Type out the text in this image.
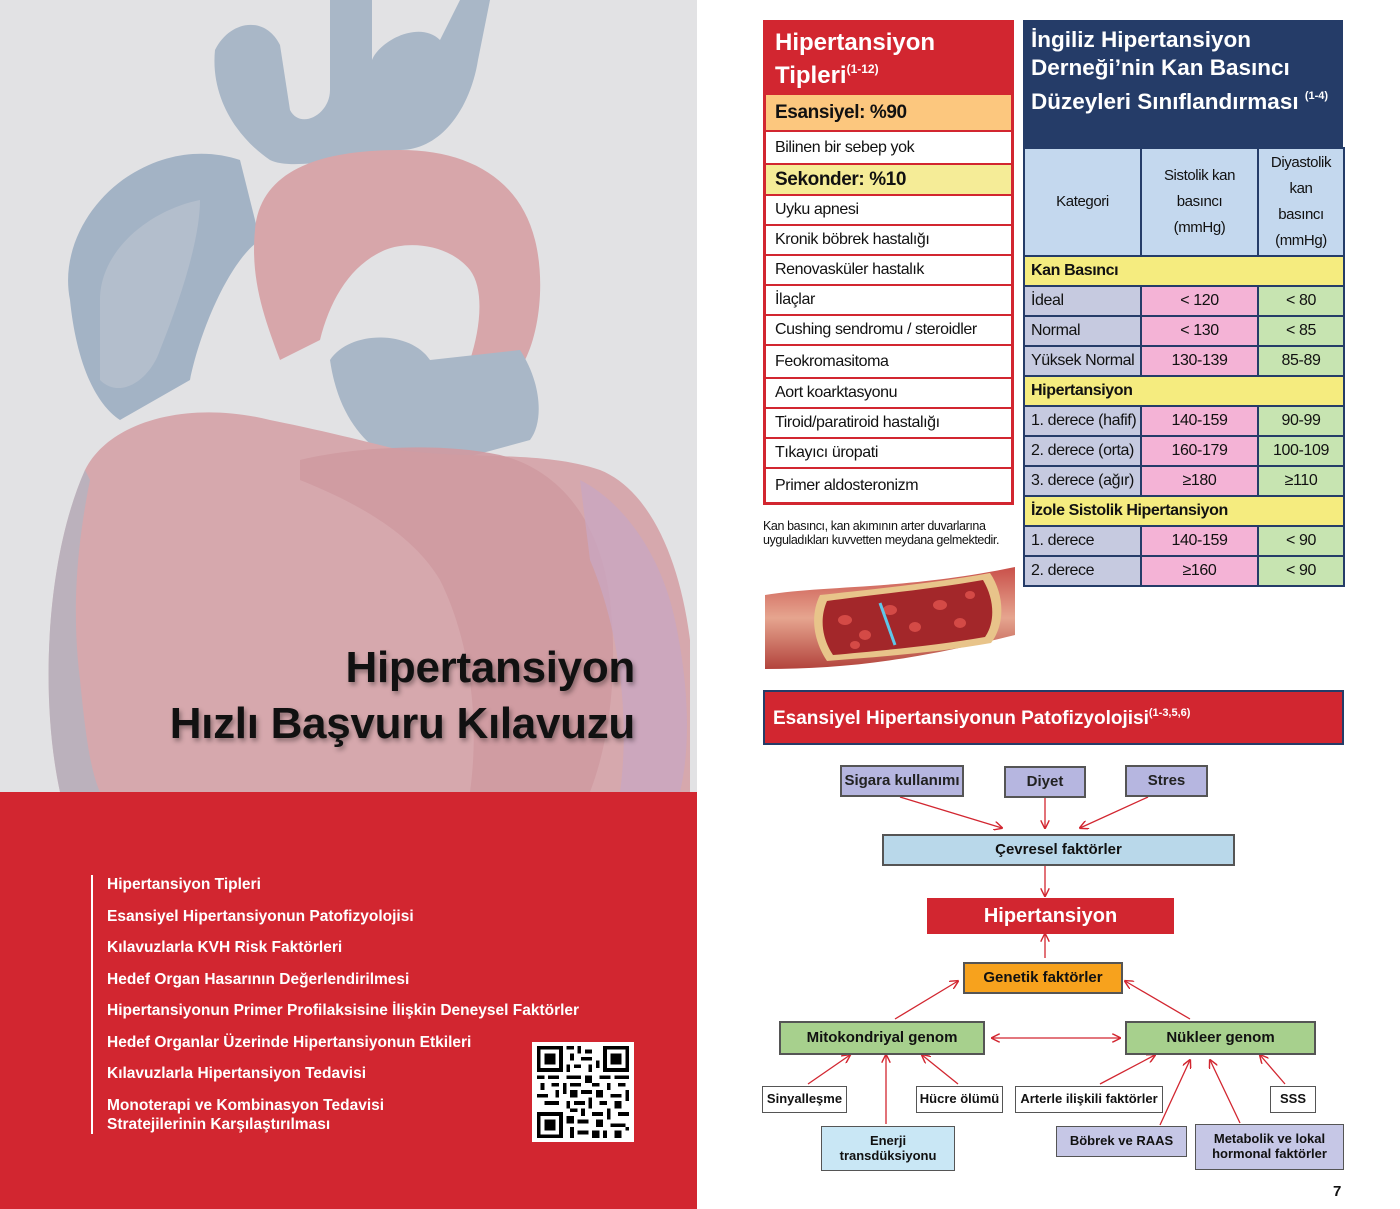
Hipertansiyon
Hızlı Başvuru Kılavuzu
Hipertansiyon Tipleri
Esansiyel Hipertansiyonun Patofizyolojisi
Kılavuzlarla KVH Risk Faktörleri
Hedef Organ Hasarının Değerlendirilmesi
Hipertansiyonun Primer Profilaksisine İlişkin Deneysel Faktörler
Hedef Organlar Üzerinde Hipertansiyonun Etkileri
Kılavuzlarla Hipertansiyon Tedavisi
Monoterapi ve Kombinasyon Tedavisi Stratejilerinin Karşılaştırılması
Hipertansiyon Tipleri$^{(1-12)}$
Esansiyel: %90
Bilinen bir sebep yok
Sekonder: %10
Uyku apnesi
Kronik böbrek hastalığı
Renovasküler hastalık
İlaçlar
Cushing sendromu / steroidler
Feokromasitoma
Aort koarktasyonu
Tiroid/paratiroid hastalığı
Tıkayıcı üropati
Primer aldosteronizm
Kan basıncı, kan akımının arter duvarlarına uyguladıkları kuvvetten meydana gelmektedir.
İngiliz Hipertansiyon Derneği’nin Kan Basıncı Düzeyleri Sınıflandırması $^{(1-4)}$
Kategori	Sistolik kan basıncı (mmHg)	Diyastolik kan basıncı (mmHg)
Kan Basıncı		
İdeal	< 120	< 80
Normal	< 130	< 85
Yüksek Normal	130-139	85-89
Hipertansiyon		
1. derece (hafif)	140-159	90-99
2. derece (orta)	160-179	100-109
3. derece (ağır)	≥180	≥110
İzole Sistolik Hipertansiyon		
1. derece	140-159	< 90
2. derece	≥160	< 90
Esansiyel Hipertansiyonun Patofizyolojisi$^{(1-3,5,6)}$
Sigara kullanımı	Diyet	Stres
Çevresel faktörler
Hipertansiyon
Genetik faktörler
Mitokondriyal genom	Nükleer genom
Sinyalleşme	Hücre ölümü
Enerji transdüksiyonu
Arterle ilişkili faktörler	SSS
Böbrek ve RAAS	Metabolik ve lokal hormonal faktörler
7
